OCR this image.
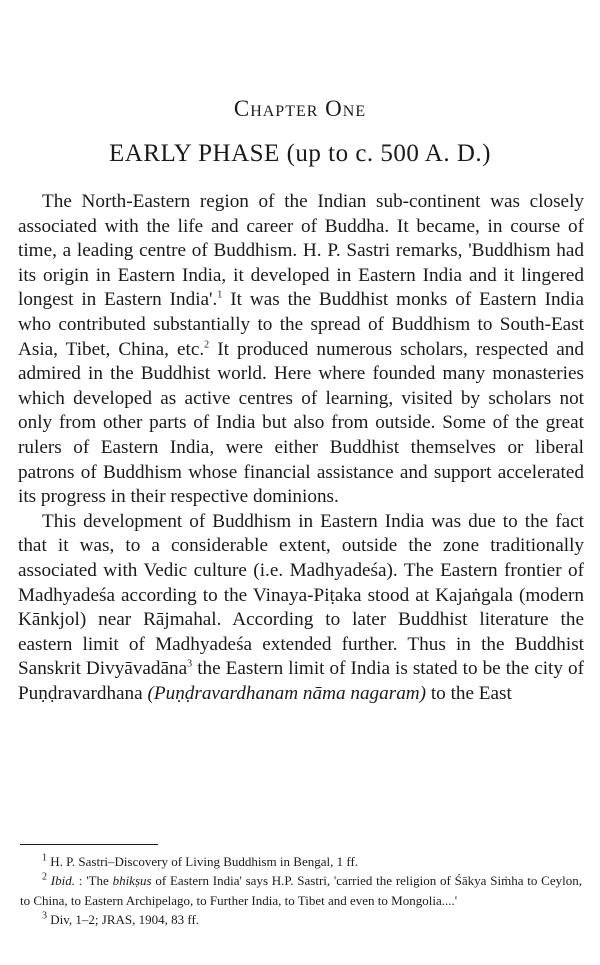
Chapter One
EARLY PHASE (up to c. 500 A. D.)

The North-Eastern region of the Indian sub-continent was closely associated with the life and career of Buddha. It became, in course of time, a leading centre of Buddhism. H. P. Sastri remarks, 'Buddhism had its origin in Eastern India, it developed in Eastern India and it lingered longest in Eastern India'.$^1$ It was the Buddhist monks of Eastern India who contributed substantially to the spread of Buddhism to South-East Asia, Tibet, China, etc.$^2$ It produced numerous scholars, respected and admired in the Buddhist world. Here where founded many monasteries which developed as active centres of learning, visited by scholars not only from other parts of India but also from outside. Some of the great rulers of Eastern India, were either Buddhist themselves or liberal patrons of Buddhism whose financial assistance and support accelerated its progress in their respective dominions.

This development of Buddhism in Eastern India was due to the fact that it was, to a considerable extent, outside the zone traditionally associated with Vedic culture (i.e. Madhyadeśa). The Eastern frontier of Madhyadeśa according to the Vinaya-Piṭaka stood at Kajaṅgala (modern Kānkjol) near Rājmahal. According to later Buddhist literature the eastern limit of Madhyadeśa extended further. Thus in the Buddhist Sanskrit Divyāvadāna$^3$ the Eastern limit of India is stated to be the city of Puṇḍravardhana (Puṇḍravardhanam nāma nagaram) to the East

$^1$ H. P. Sastri–Discovery of Living Buddhism in Bengal, 1 ff.

$^2$ Ibid. : 'The bhikṣus of Eastern India' says H.P. Sastri, 'carried the religion of Śākya Siṁha to Ceylon, to China, to Eastern Archipelago, to Further India, to Tibet and even to Mongolia....'

$^3$ Div, 1–2; JRAS, 1904, 83 ff.
